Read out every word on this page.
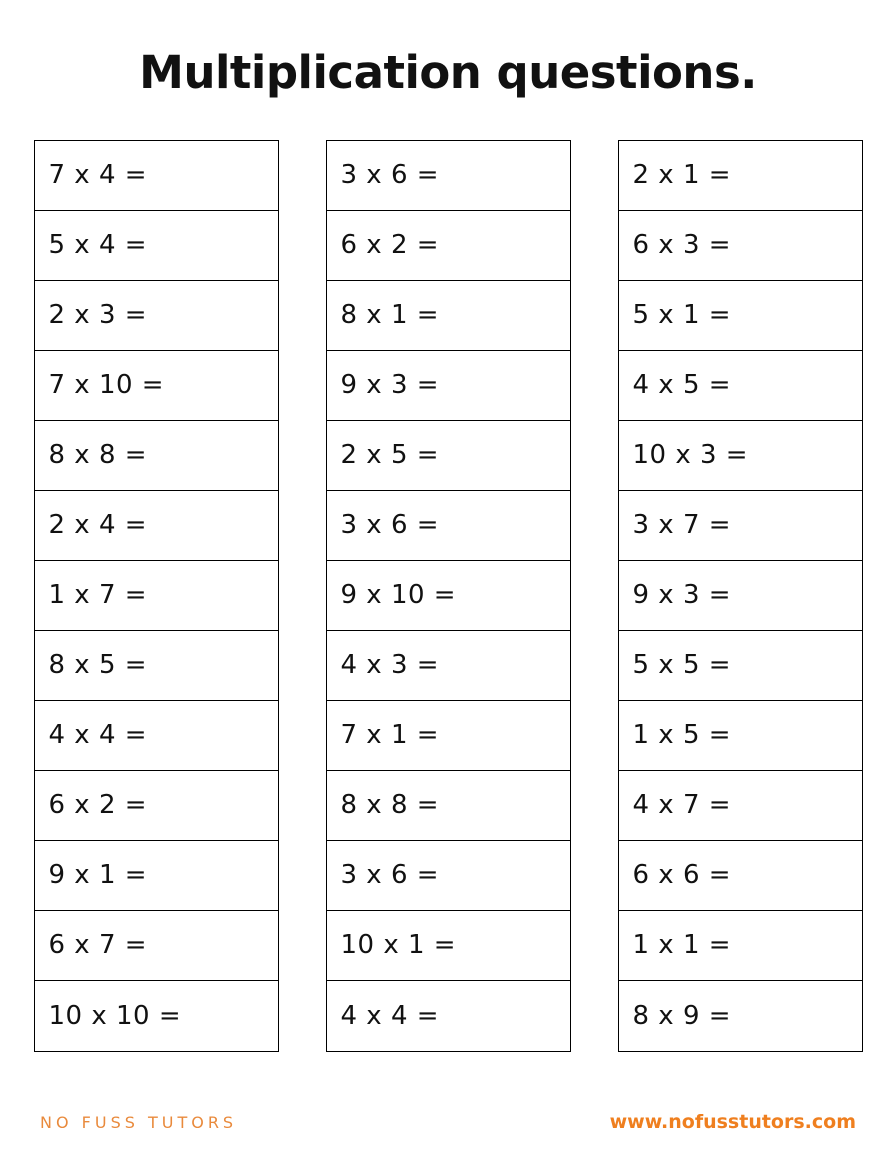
Multiplication questions.
7 x 4 =
5 x 4 =
2 x 3 =
7 x 10 =
8 x 8 =
2 x 4 =
1 x 7 =
8 x 5 =
4 x 4 =
6 x 2 =
9 x 1 =
6 x 7 =
10 x 10 =
3 x 6 =
6 x 2 =
8 x 1 =
9 x 3 =
2 x 5 =
3 x 6 =
9 x 10 =
4 x 3 =
7 x 1 =
8 x 8 =
3 x 6 =
10 x 1 =
4 x 4 =
2 x 1 =
6 x 3 =
5 x 1 =
4 x 5 =
10 x 3 =
3 x 7 =
9 x 3 =
5 x 5 =
1 x 5 =
4 x 7 =
6 x 6 =
1 x 1 =
8 x 9 =
NO FUSS TUTORS	www.nofusstutors.com
